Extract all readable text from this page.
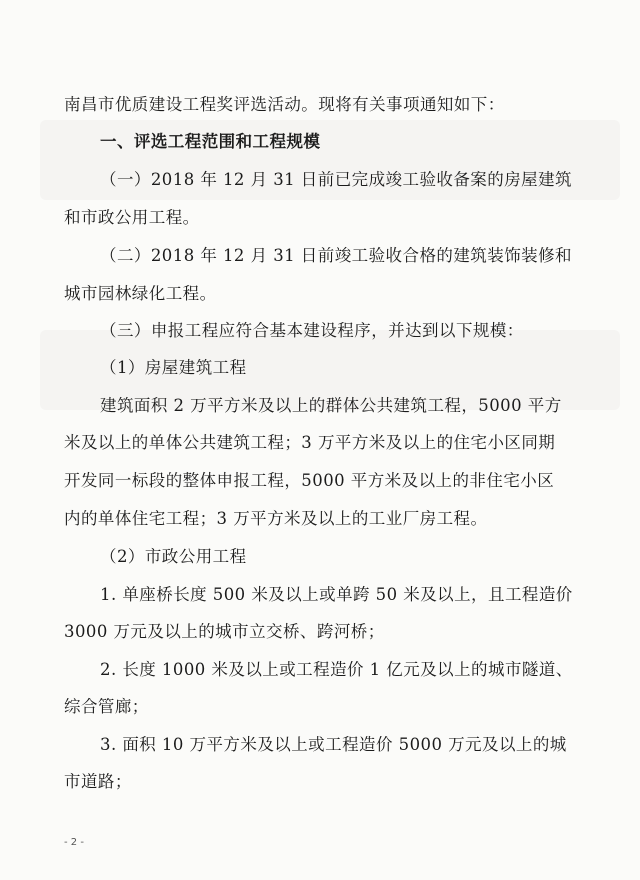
南昌市优质建设工程奖评选活动。现将有关事项通知如下：
一、评选工程范围和工程规模
（一）2018 年 12 月 31 日前已完成竣工验收备案的房屋建筑
和市政公用工程。
（二）2018 年 12 月 31 日前竣工验收合格的建筑装饰装修和
城市园林绿化工程。
（三）申报工程应符合基本建设程序，并达到以下规模：
（1）房屋建筑工程
建筑面积 2 万平方米及以上的群体公共建筑工程，5000 平方
米及以上的单体公共建筑工程；3 万平方米及以上的住宅小区同期
开发同一标段的整体申报工程，5000 平方米及以上的非住宅小区
内的单体住宅工程；3 万平方米及以上的工业厂房工程。
（2）市政公用工程
1. 单座桥长度 500 米及以上或单跨 50 米及以上，且工程造价
3000 万元及以上的城市立交桥、跨河桥；
2. 长度 1000 米及以上或工程造价 1 亿元及以上的城市隧道、
综合管廊；
3. 面积 10 万平方米及以上或工程造价 5000 万元及以上的城
市道路；
- 2 -
